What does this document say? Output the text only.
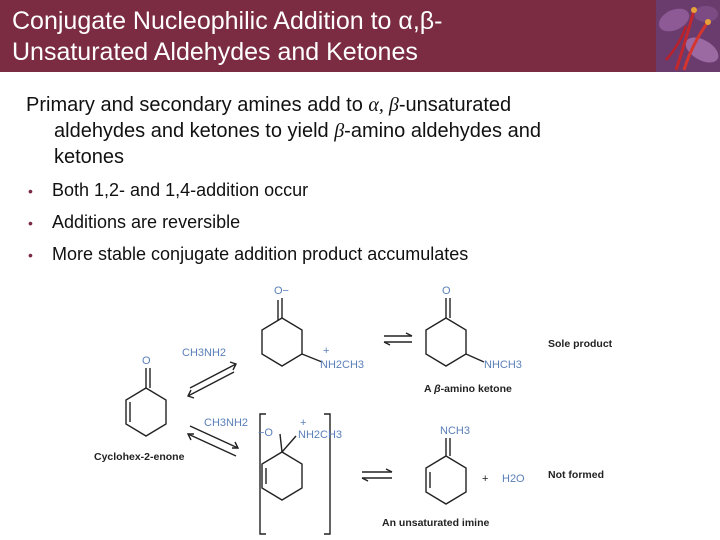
Conjugate Nucleophilic Addition to α,β-
Unsaturated Aldehydes and Ketones
Primary and secondary amines add to α, β-unsaturated
aldehydes and ketones to yield β-amino aldehydes and
ketones
•	Both 1,2- and 1,4-addition occur
•	Additions are reversible
•	More stable conjugate addition product accumulates
O
O−	O
+
NH2CH3	NHCH3
CH3NH2
CH3NH2
−O
+
NH2CH3	NCH3
+ H2O
Cyclohex-2-enone
A β-amino ketone
Sole product
An unsaturated imine
Not formed
